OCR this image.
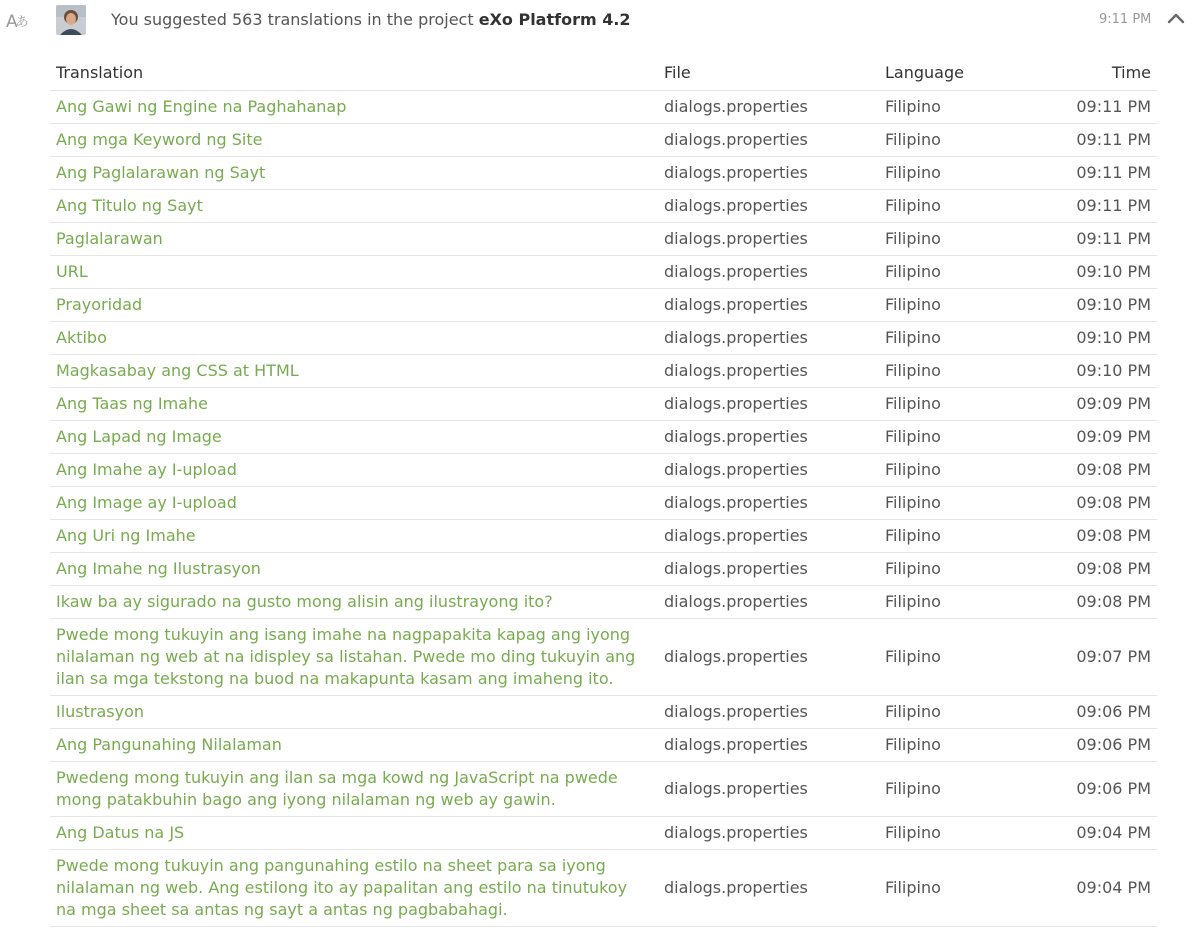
Aあ	You suggested 563 translations in the project eXo Platform 4.2	9:11 PM
Translation	File	Language	Time
Ang Gawi ng Engine na Paghahanap	dialogs.properties	Filipino	09:11 PM
Ang mga Keyword ng Site	dialogs.properties	Filipino	09:11 PM
Ang Paglalarawan ng Sayt	dialogs.properties	Filipino	09:11 PM
Ang Titulo ng Sayt	dialogs.properties	Filipino	09:11 PM
Paglalarawan	dialogs.properties	Filipino	09:11 PM
URL	dialogs.properties	Filipino	09:10 PM
Prayoridad	dialogs.properties	Filipino	09:10 PM
Aktibo	dialogs.properties	Filipino	09:10 PM
Magkasabay ang CSS at HTML	dialogs.properties	Filipino	09:10 PM
Ang Taas ng Imahe	dialogs.properties	Filipino	09:09 PM
Ang Lapad ng Image	dialogs.properties	Filipino	09:09 PM
Ang Imahe ay I-upload	dialogs.properties	Filipino	09:08 PM
Ang Image ay I-upload	dialogs.properties	Filipino	09:08 PM
Ang Uri ng Imahe	dialogs.properties	Filipino	09:08 PM
Ang Imahe ng Ilustrasyon	dialogs.properties	Filipino	09:08 PM
Ikaw ba ay sigurado na gusto mong alisin ang ilustrayong ito?	dialogs.properties	Filipino	09:08 PM
Pwede mong tukuyin ang isang imahe na nagpapakita kapag ang iyong nilalaman ng web at na idispley sa listahan. Pwede mo ding tukuyin ang ilan sa mga tekstong na buod na makapunta kasam ang imaheng ito.	dialogs.properties	Filipino	09:07 PM
Ilustrasyon	dialogs.properties	Filipino	09:06 PM
Ang Pangunahing Nilalaman	dialogs.properties	Filipino	09:06 PM
Pwedeng mong tukuyin ang ilan sa mga kowd ng JavaScript na pwede mong patakbuhin bago ang iyong nilalaman ng web ay gawin.	dialogs.properties	Filipino	09:06 PM
Ang Datus na JS	dialogs.properties	Filipino	09:04 PM
Pwede mong tukuyin ang pangunahing estilo na sheet para sa iyong nilalaman ng web. Ang estilong ito ay papalitan ang estilo na tinutukoy na mga sheet sa antas ng sayt a antas ng pagbabahagi.	dialogs.properties	Filipino	09:04 PM
